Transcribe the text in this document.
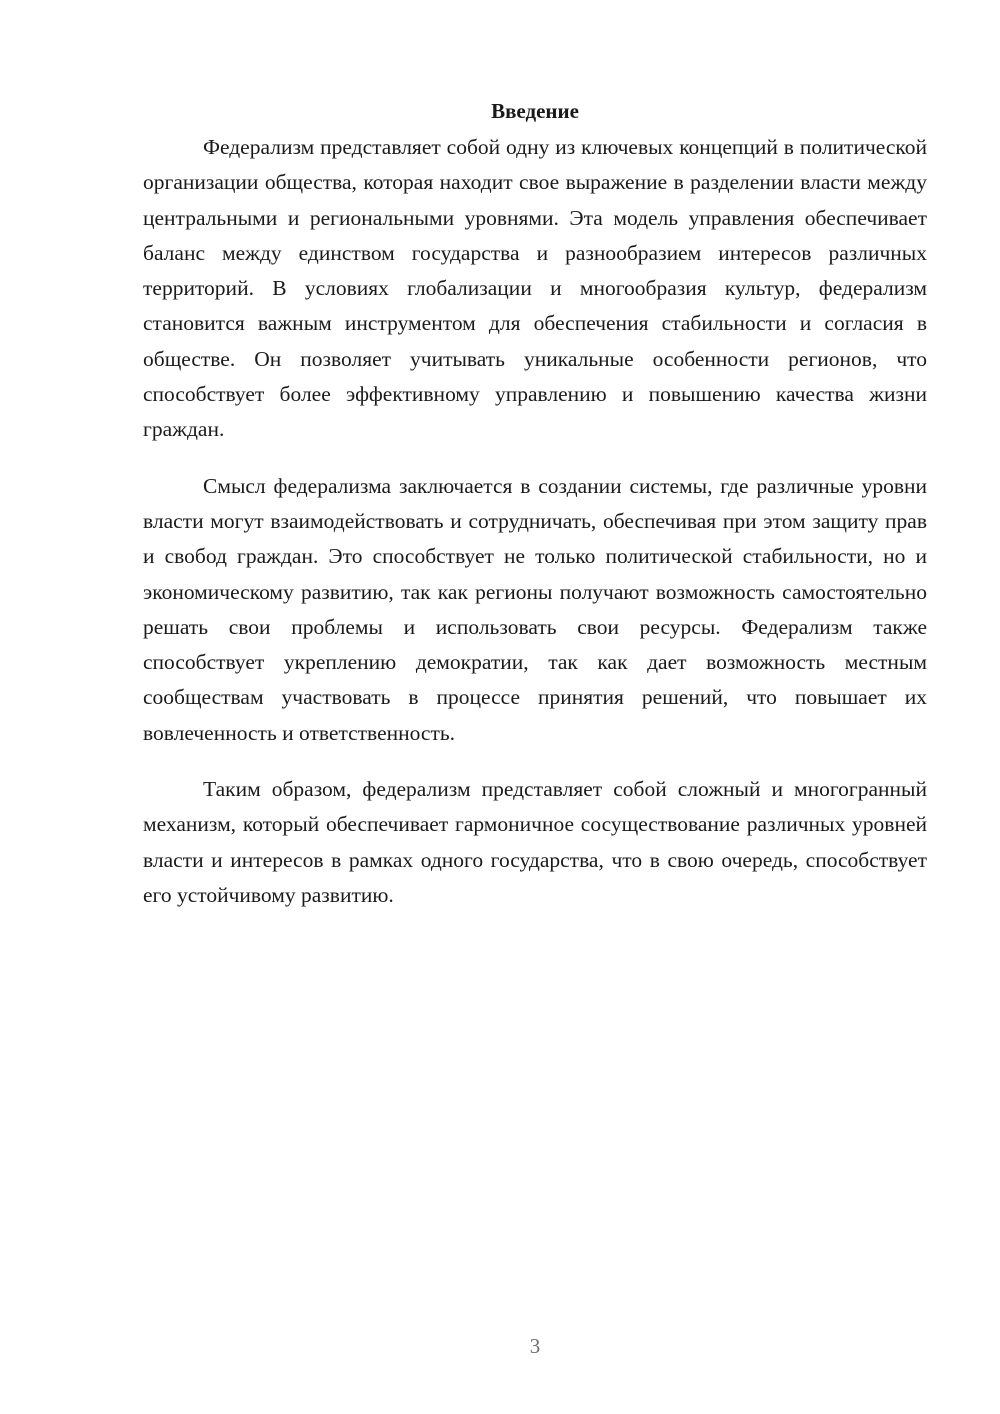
Введение

Федерализм представляет собой одну из ключевых концепций в политической организации общества, которая находит свое выражение в разделении власти между центральными и региональными уровнями. Эта модель управления обеспечивает баланс между единством государства и разнообразием интересов различных территорий. В условиях глобализации и многообразия культур, федерализм становится важным инструментом для обеспечения стабильности и согласия в обществе. Он позволяет учитывать уникальные особенности регионов, что способствует более эффективному управлению и повышению качества жизни граждан.

Смысл федерализма заключается в создании системы, где различные уровни власти могут взаимодействовать и сотрудничать, обеспечивая при этом защиту прав и свобод граждан. Это способствует не только политической стабильности, но и экономическому развитию, так как регионы получают возможность самостоятельно решать свои проблемы и использовать свои ресурсы. Федерализм также способствует укреплению демократии, так как дает возможность местным сообществам участвовать в процессе принятия решений, что повышает их вовлеченность и ответственность.

Таким образом, федерализм представляет собой сложный и многогранный механизм, который обеспечивает гармоничное сосуществование различных уровней власти и интересов в рамках одного государства, что в свою очередь, способствует его устойчивому развитию.

3
